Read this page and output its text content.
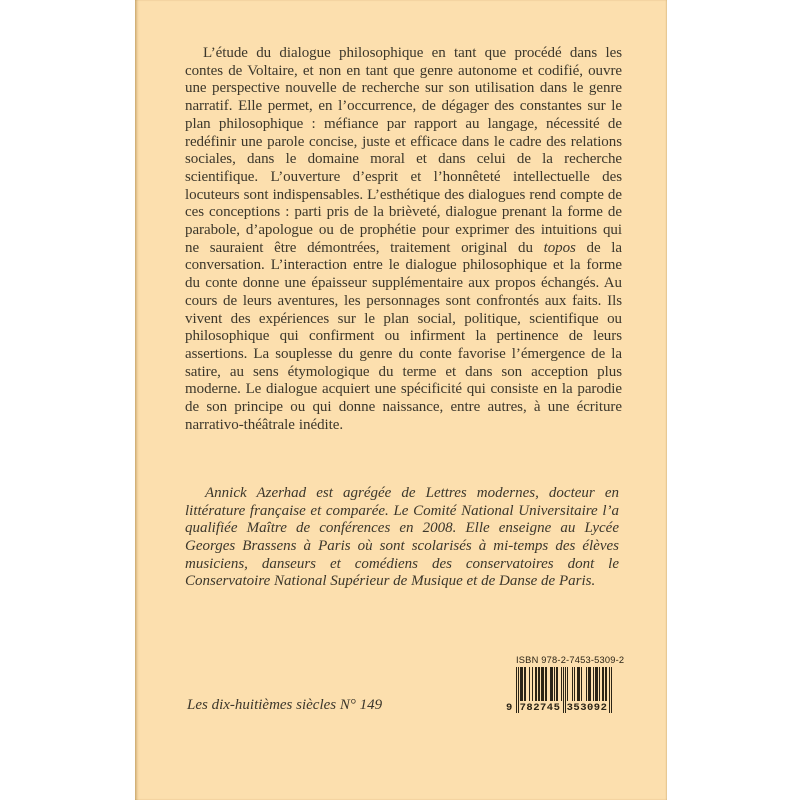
L’étude du dialogue philosophique en tant que procédé dans les contes de Voltaire, et non en tant que genre autonome et codifié, ouvre une perspective nouvelle de recherche sur son utilisation dans le genre narratif. Elle permet, en l’occurrence, de dégager des constantes sur le plan philosophique : méfiance par rapport au langage, nécessité de redéfinir une parole concise, juste et efficace dans le cadre des relations sociales, dans le domaine moral et dans celui de la recherche scientifique. L’ouverture d’esprit et l’honnêteté intellectuelle des locuteurs sont indispensables. L’esthétique des dialogues rend compte de ces conceptions : parti pris de la brièveté, dialogue prenant la forme de parabole, d’apologue ou de prophétie pour exprimer des intuitions qui ne sauraient être démontrées, traitement original du topos de la conversation. L’interaction entre le dialogue philosophique et la forme du conte donne une épaisseur supplémentaire aux propos échangés. Au cours de leurs aventures, les personnages sont confrontés aux faits. Ils vivent des expériences sur le plan social, politique, scientifique ou philosophique qui confirment ou infirment la pertinence de leurs assertions. La souplesse du genre du conte favorise l’émergence de la satire, au sens étymologique du terme et dans son acception plus moderne. Le dialogue acquiert une spécificité qui consiste en la parodie de son principe ou qui donne naissance, entre autres, à une écriture narrativo-théâtrale inédite.

Annick Azerhad est agrégée de Lettres modernes, docteur en littérature française et comparée. Le Comité National Universitaire l’a qualifiée Maître de conférences en 2008. Elle enseigne au Lycée Georges Brassens à Paris où sont scolarisés à mi-temps des élèves musiciens, danseurs et comédiens des conservatoires dont le Conservatoire National Supérieur de Musique et de Danse de Paris.

Les dix-huitièmes siècles N° 149
ISBN 978-2-7453-5309-2
9 782745 353092
